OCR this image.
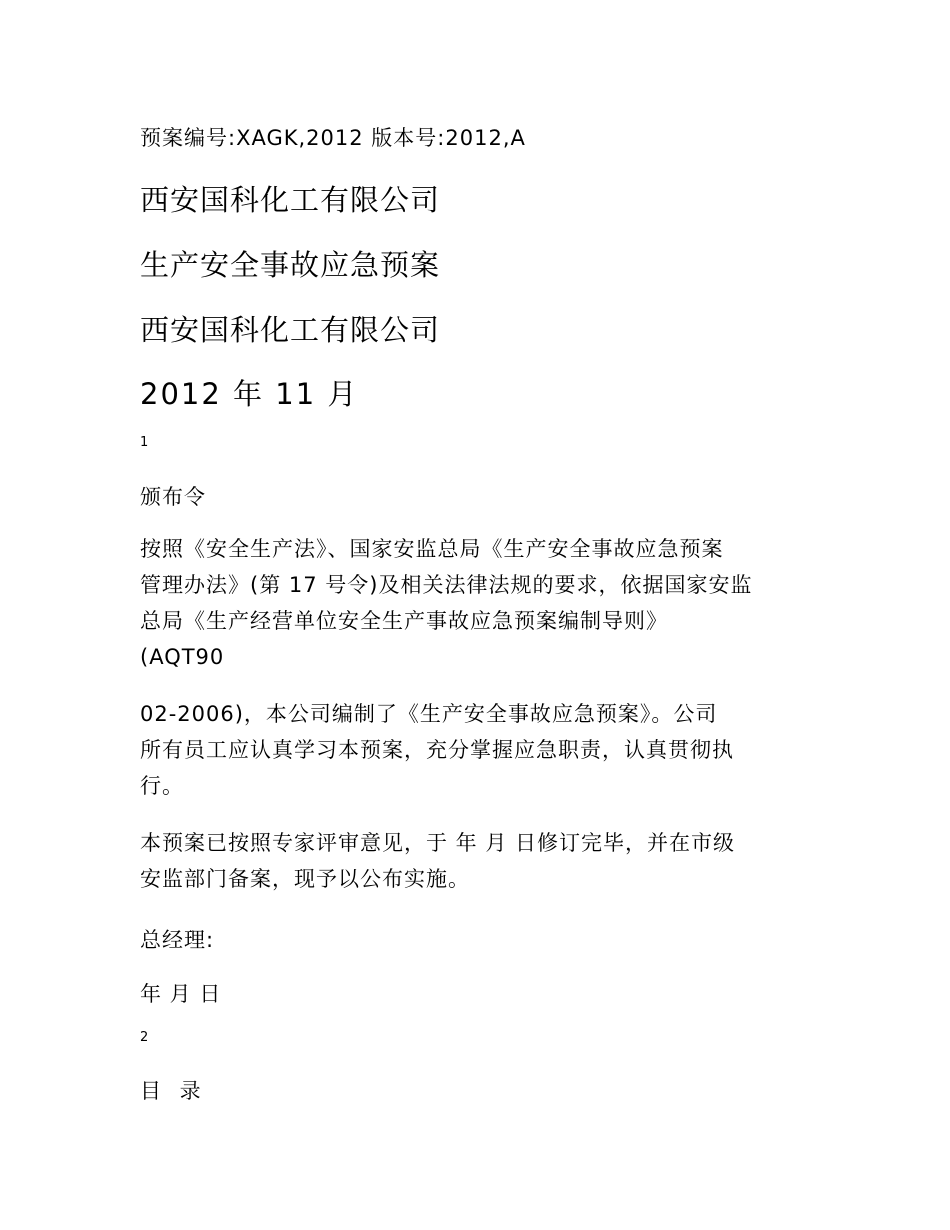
预案编号:XAGK,2012 版本号:2012,A
西安国科化工有限公司
生产安全事故应急预案
西安国科化工有限公司
2012 年 11 月
1
颁布令
按照《安全生产法》、国家安监总局《生产安全事故应急预案
管理办法》(第 17 号令)及相关法律法规的要求，依据国家安监
总局《生产经营单位安全生产事故应急预案编制导则》
(AQT90
02-2006)，本公司编制了《生产安全事故应急预案》。公司
所有员工应认真学习本预案，充分掌握应急职责，认真贯彻执
行。
本预案已按照专家评审意见，于 年 月 日修订完毕，并在市级
安监部门备案，现予以公布实施。
总经理:
年 月 日
2
目 录
